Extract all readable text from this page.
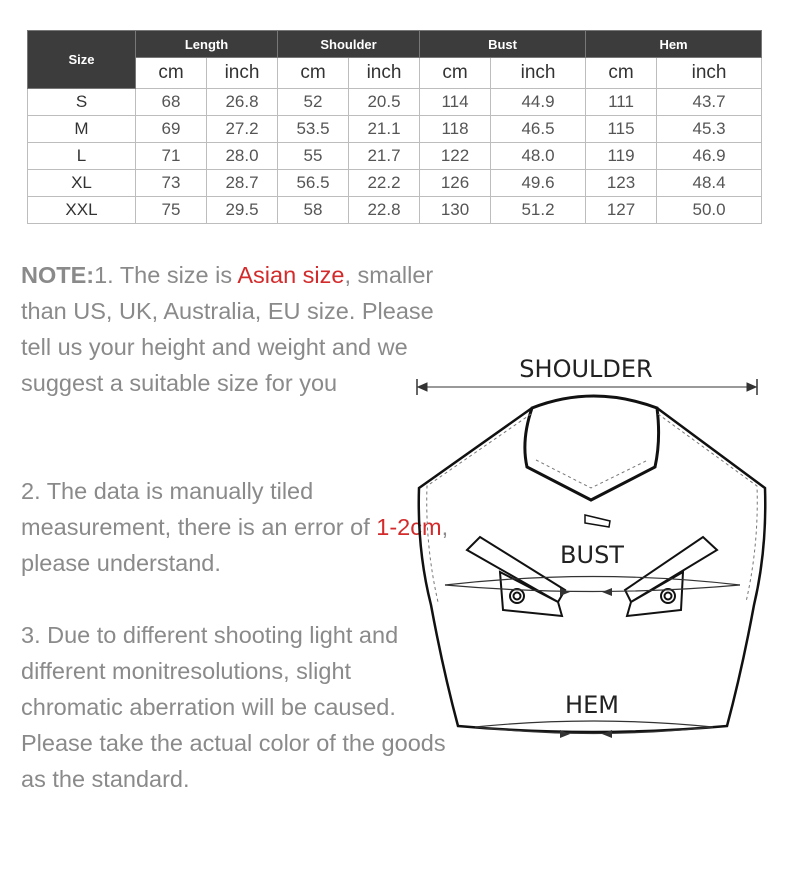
Size	Length		Shoulder		Bust		Hem	
	cm	inch	cm	inch	cm	inch	cm	inch
S	68	26.8	52	20.5	114	44.9	111	43.7
M	69	27.2	53.5	21.1	118	46.5	115	45.3
L	71	28.0	55	21.7	122	48.0	119	46.9
XL	73	28.7	56.5	22.2	126	49.6	123	48.4
XXL	75	29.5	58	22.8	130	51.2	127	50.0

NOTE:1. The size is Asian size, smaller than US, UK, Australia, EU size. Please tell us your height and weight and we suggest a suitable size for you

2. The data is manually tiled measurement, there is an error of 1-2cm, please understand.

3. Due to different shooting light and different monitresolutions, slight chromatic aberration will be caused. Please take the actual color of the goods as the standard.

SHOULDER
BUST
HEM
